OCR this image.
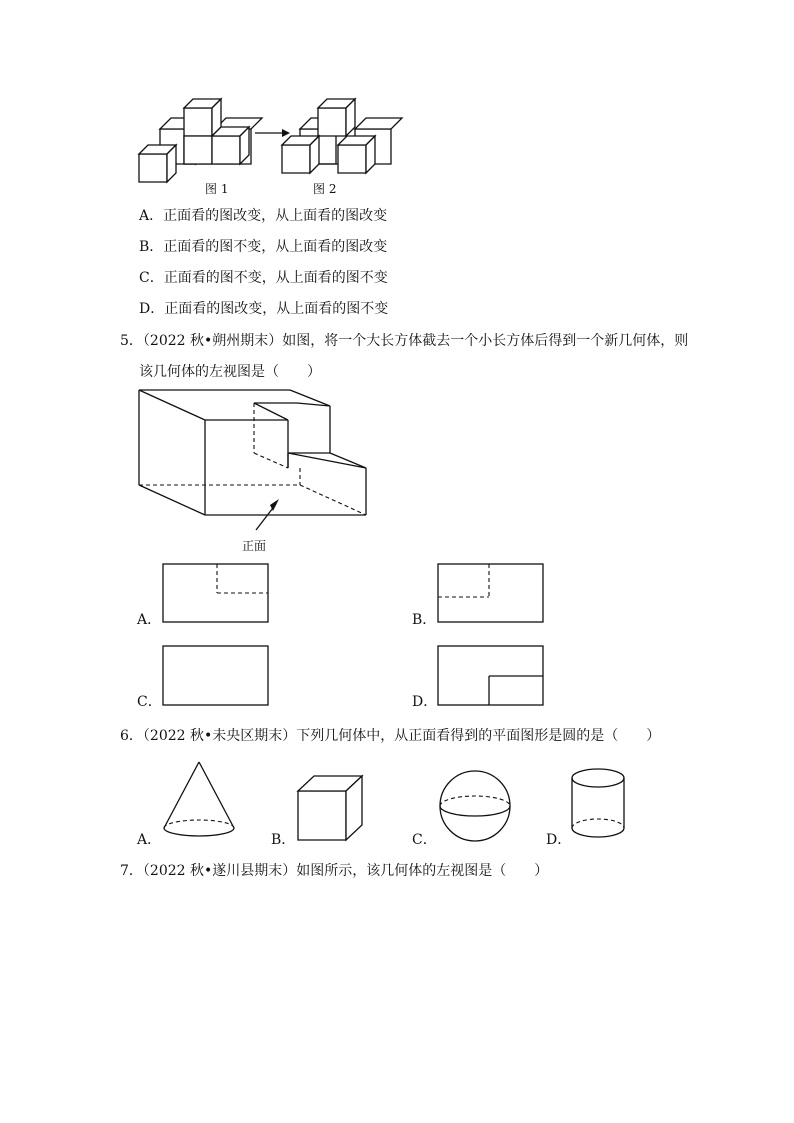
图 1	图 2
A．正面看的图改变，从上面看的图改变
B．正面看的图不变，从上面看的图改变
C．正面看的图不变，从上面看的图不变
D．正面看的图改变，从上面看的图不变
5．（2022 秋•朔州期末）如图，将一个大长方体截去一个小长方体后得到一个新几何体，则
该几何体的左视图是（　　）
正面
A．	B．
C．	D．
6．（2022 秋•未央区期末）下列几何体中，从正面看得到的平面图形是圆的是（　　）
A．	B．	C．	D．
7．（2022 秋•遂川县期末）如图所示，该几何体的左视图是（　　）
